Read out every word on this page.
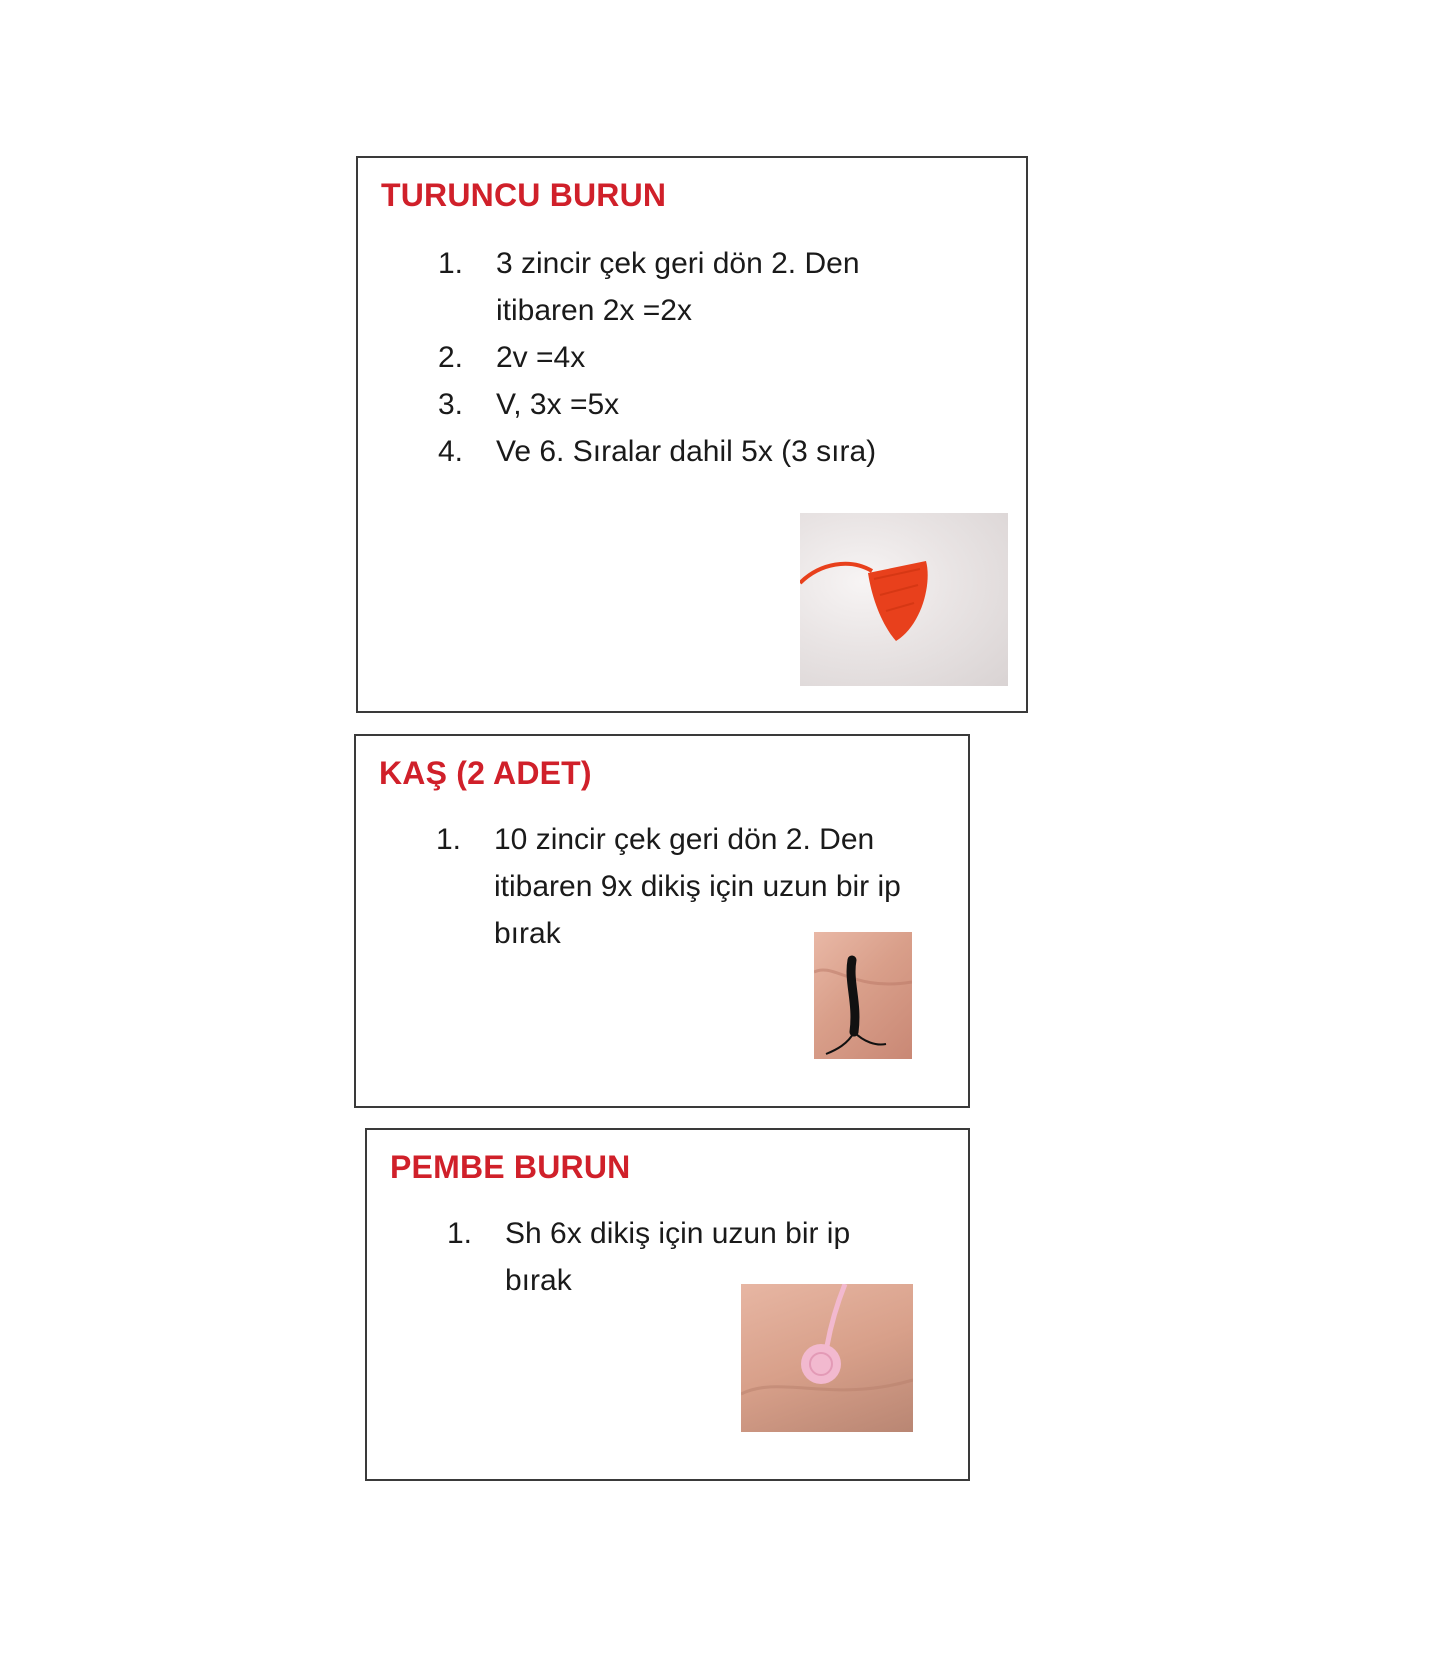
TURUNCU BURUN
1.	3 zincir çek geri dön 2. Den itibaren 2x =2x
2.	2v =4x
3.	V, 3x =5x
4.	Ve 6. Sıralar dahil 5x (3 sıra)
KAŞ (2 ADET)
1.	10 zincir çek geri dön 2. Den itibaren 9x dikiş için uzun bir ip bırak
PEMBE BURUN
1.	Sh 6x dikiş için uzun bir ip bırak
